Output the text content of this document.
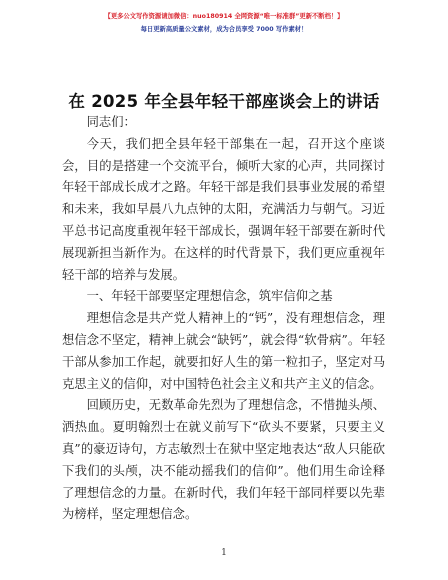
【更多公文写作资源请加微信：nuo180914 全网资源“唯一标准群”更新不断档！】
每日更新高质量公文素材，成为合员享受 7000 写作素材！
在 2025 年全县年轻干部座谈会上的讲话

同志们：

今天，我们把全县年轻干部集在一起，召开这个座谈会，目的是搭建一个交流平台，倾听大家的心声，共同探讨年轻干部成长成才之路。年轻干部是我们县事业发展的希望和未来，我如早晨八九点钟的太阳，充满活力与朝气。习近平总书记高度重视年轻干部成长，强调年轻干部要在新时代展现新担当新作为。在这样的时代背景下，我们更应重视年轻干部的培养与发展。

一、年轻干部要坚定理想信念，筑牢信仰之基

理想信念是共产党人精神上的“钙”，没有理想信念，理想信念不坚定，精神上就会“缺钙”，就会得“软骨病”。年轻干部从参加工作起，就要扣好人生的第一粒扣子，坚定对马克思主义的信仰，对中国特色社会主义和共产主义的信念。

回顾历史，无数革命先烈为了理想信念，不惜抛头颅、洒热血。夏明翰烈士在就义前写下“砍头不要紧，只要主义真”的豪迈诗句，方志敏烈士在狱中坚定地表达“敌人只能砍下我们的头颅，决不能动摇我们的信仰”。他们用生命诠释了理想信念的力量。在新时代，我们年轻干部同样要以先辈为榜样，坚定理想信念。

1
